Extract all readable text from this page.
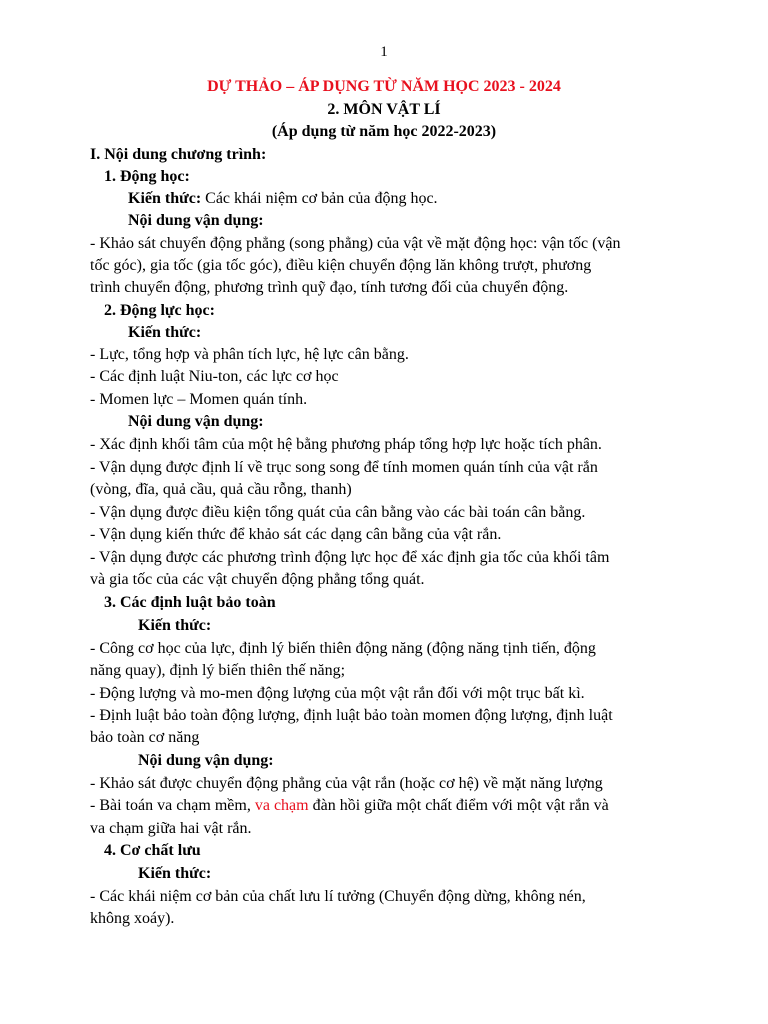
1
DỰ THẢO – ÁP DỤNG TỪ NĂM HỌC 2023 - 2024
2. MÔN VẬT LÍ
(Áp dụng từ năm học 2022-2023)
I. Nội dung chương trình:
1. Động học:
Kiến thức: Các khái niệm cơ bản của động học.
Nội dung vận dụng:
- Khảo sát chuyển động phẳng (song phẳng) của vật về mặt động học: vận tốc (vận
tốc góc), gia tốc (gia tốc góc), điều kiện chuyển động lăn không trượt, phương
trình chuyển động, phương trình quỹ đạo, tính tương đối của chuyển động.
2. Động lực học:
Kiến thức:
- Lực, tổng hợp và phân tích lực, hệ lực cân bằng.
- Các định luật Niu-ton, các lực cơ học
- Momen lực – Momen quán tính.
Nội dung vận dụng:
- Xác định khối tâm của một hệ bằng phương pháp tổng hợp lực hoặc tích phân.
- Vận dụng được định lí về trục song song để tính momen quán tính của vật rắn
(vòng, đĩa, quả cầu, quả cầu rỗng, thanh)
- Vận dụng được điều kiện tổng quát của cân bằng vào các bài toán cân bằng.
- Vận dụng kiến thức để khảo sát các dạng cân bằng của vật rắn.
- Vận dụng được các phương trình động lực học để xác định gia tốc của khối tâm
và gia tốc của các vật chuyển động phẳng tổng quát.
3. Các định luật bảo toàn
Kiến thức:
- Công cơ học của lực, định lý biến thiên động năng (động năng tịnh tiến, động
năng quay), định lý biến thiên thế năng;
- Động lượng và mo-men động lượng của một vật rắn đối với một trục bất kì.
- Định luật bảo toàn động lượng, định luật bảo toàn momen động lượng, định luật
bảo toàn cơ năng
Nội dung vận dụng:
- Khảo sát được chuyển động phẳng của vật rắn (hoặc cơ hệ) về mặt năng lượng
- Bài toán va chạm mềm, va chạm đàn hồi giữa một chất điểm với một vật rắn và
va chạm giữa hai vật rắn.
4. Cơ chất lưu
Kiến thức:
- Các khái niệm cơ bản của chất lưu lí tưởng (Chuyển động dừng, không nén,
không xoáy).
